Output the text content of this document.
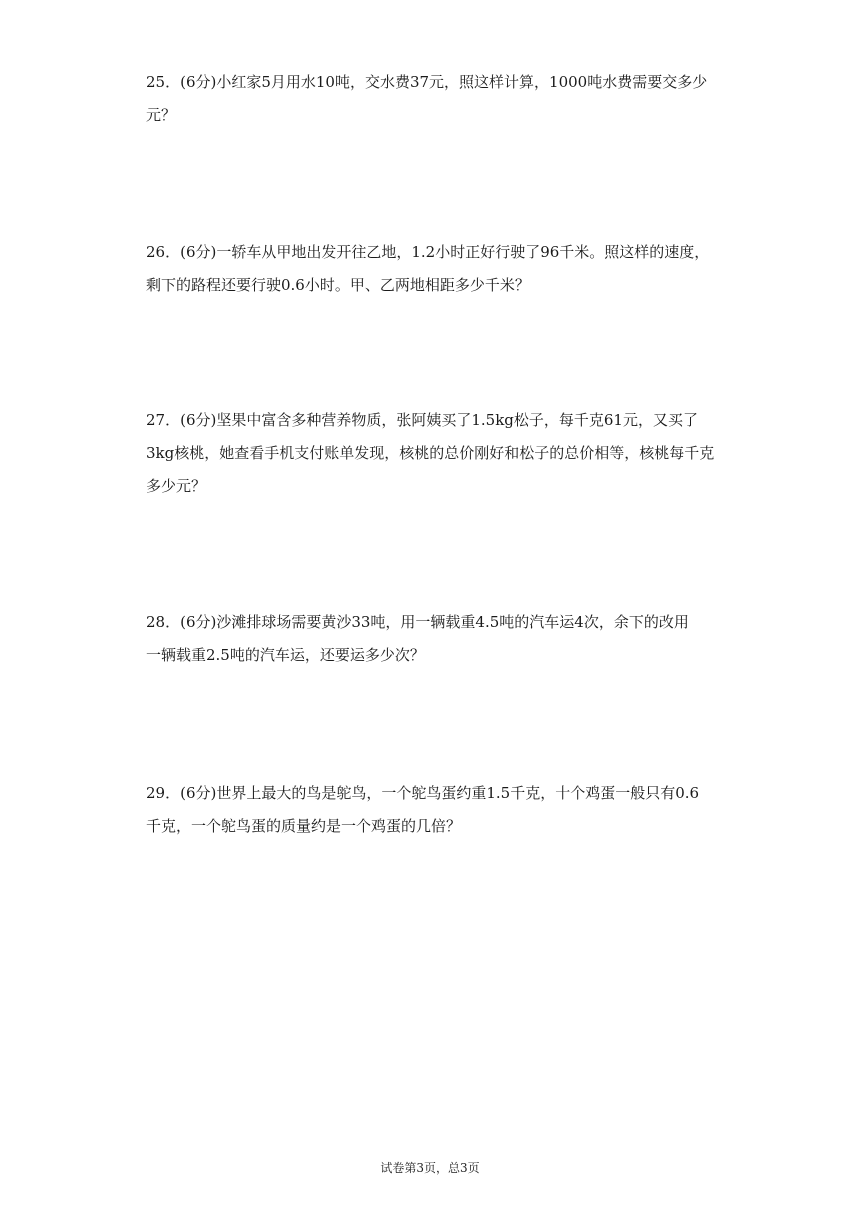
25．(6分)小红家5月用水10吨，交水费37元，照这样计算，1000吨水费需要交多少
元？
26．(6分)一轿车从甲地出发开往乙地，1.2小时正好行驶了96千米。照这样的速度，
剩下的路程还要行驶0.6小时。甲、乙两地相距多少千米？
27．(6分)坚果中富含多种营养物质，张阿姨买了1.5kg松子，每千克61元，又买了
3kg核桃，她查看手机支付账单发现，核桃的总价刚好和松子的总价相等，核桃每千克
多少元？
28．(6分)沙滩排球场需要黄沙33吨，用一辆载重4.5吨的汽车运4次，余下的改用
一辆载重2.5吨的汽车运，还要运多少次？
29．(6分)世界上最大的鸟是鸵鸟，一个鸵鸟蛋约重1.5千克，十个鸡蛋一般只有0.6
千克，一个鸵鸟蛋的质量约是一个鸡蛋的几倍？
试卷第3页，总3页
